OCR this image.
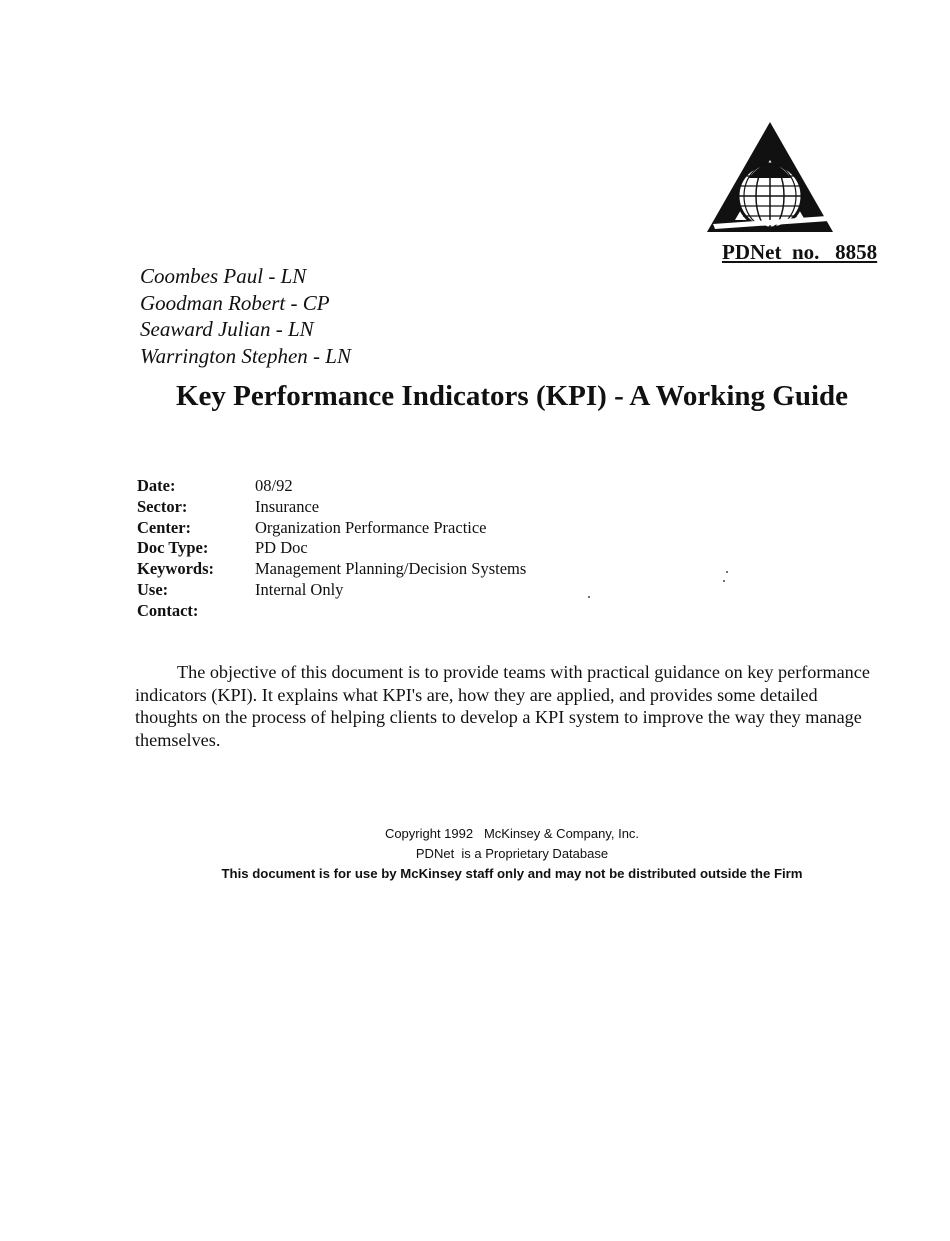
PDNet  no.   8858
Coombes Paul - LN
Goodman Robert - CP
Seaward Julian - LN
Warrington Stephen - LN
Key Performance Indicators (KPI) - A Working Guide
Date:	08/92
Sector:	Insurance
Center:	Organization Performance Practice
Doc Type:	PD Doc
Keywords:	Management Planning/Decision Systems
Use:	Internal Only
Contact:	

The objective of this document is to provide teams with practical guidance on key performance indicators (KPI). It explains what KPI's are, how they are applied, and provides some detailed thoughts on the process of helping clients to develop a KPI system to improve the way they manage themselves.

Copyright 1992   McKinsey & Company, Inc.
PDNet  is a Proprietary Database
This document is for use by McKinsey staff only and may not be distributed outside the Firm
